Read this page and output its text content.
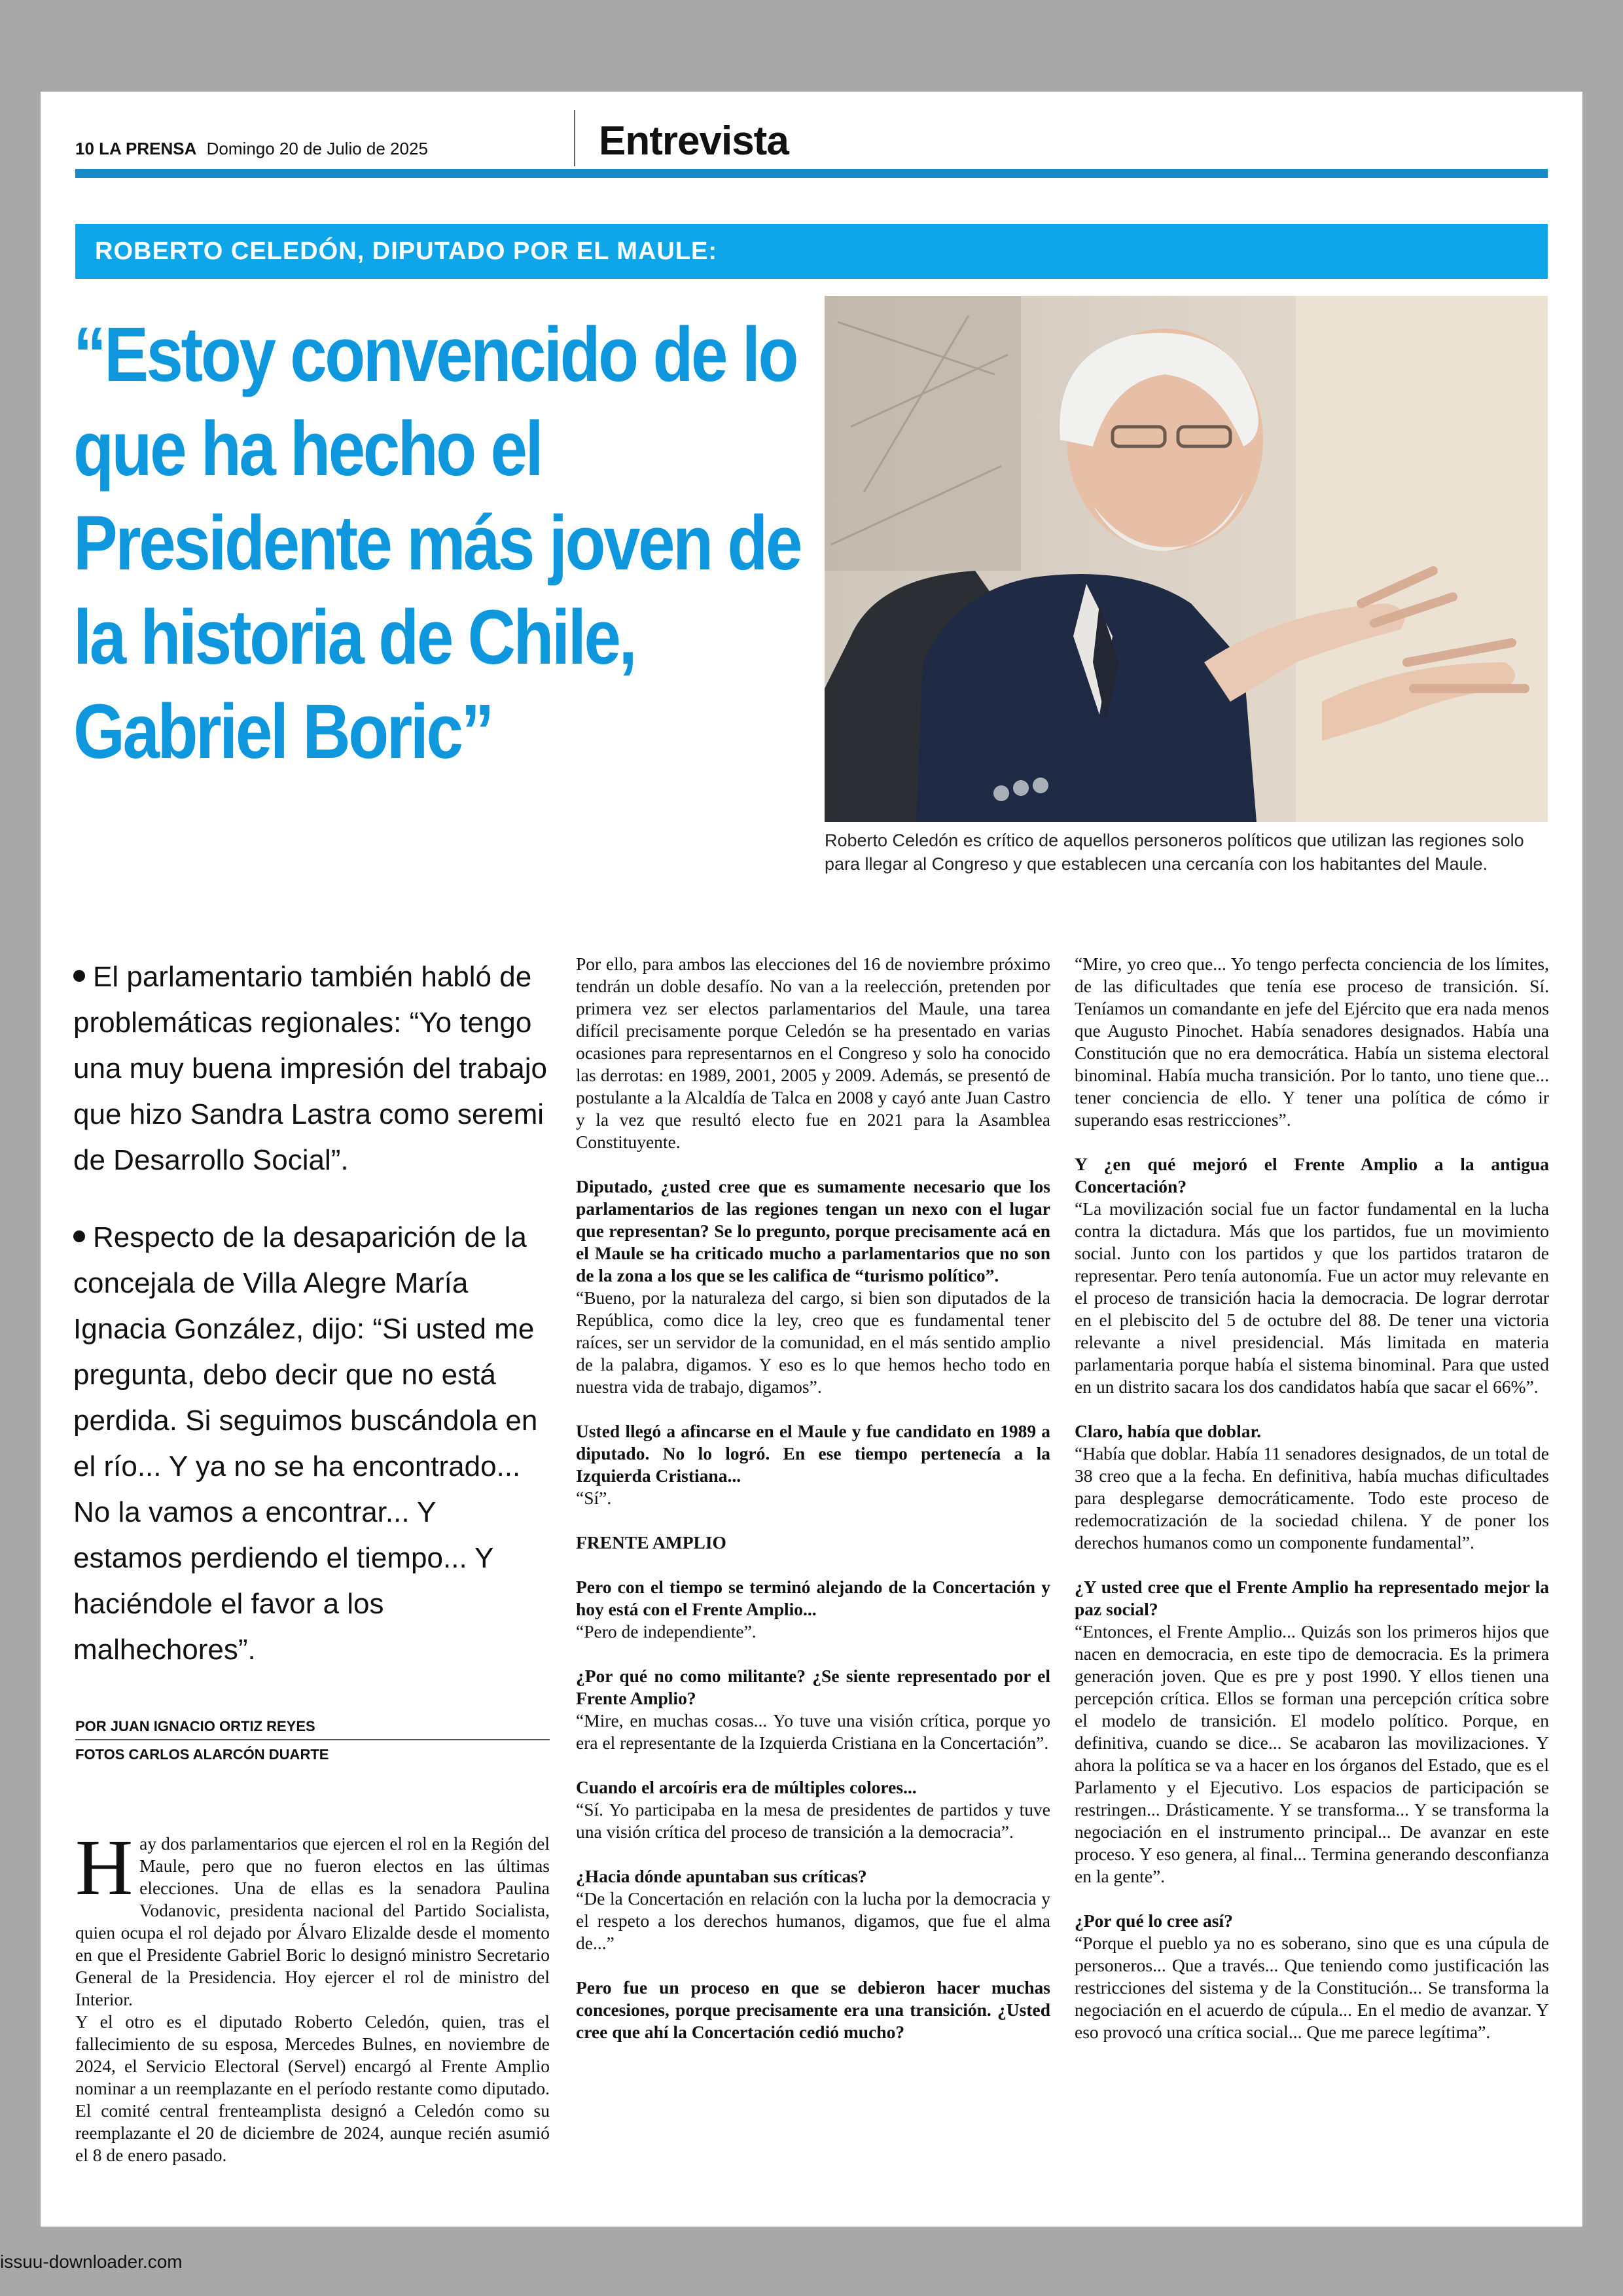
10 LA PRENSA Domingo 20 de Julio de 2025	Entrevista
ROBERTO CELEDÓN, DIPUTADO POR EL MAULE:
“Estoy convencido de lo que ha hecho el Presidente más joven de la historia de Chile, Gabriel Boric”
Roberto Celedón es crítico de aquellos personeros políticos que utilizan las regiones solo para llegar al Congreso y que establecen una cercanía con los habitantes del Maule.

El parlamentario también habló de problemáticas regionales: “Yo tengo una muy buena impresión del trabajo que hizo Sandra Lastra como seremi de Desarrollo Social”.

Respecto de la desaparición de la concejala de Villa Alegre María Ignacia González, dijo: “Si usted me pregunta, debo decir que no está perdida. Si seguimos buscándola en el río... Y ya no se ha encontrado... No la vamos a encontrar... Y estamos perdiendo el tiempo... Y haciéndole el favor a los malhechores”.

POR JUAN IGNACIO ORTIZ REYES
FOTOS CARLOS ALARCÓN DUARTE

Hay dos parlamentarios que ejercen el rol en la Región del Maule, pero que no fueron electos en las últimas elecciones. Una de ellas es la senadora Paulina Vodanovic, presidenta nacional del Partido Socialista, quien ocupa el rol dejado por Álvaro Elizalde desde el momento en que el Presidente Gabriel Boric lo designó ministro Secretario General de la Presidencia. Hoy ejercer el rol de ministro del Interior.

Y el otro es el diputado Roberto Celedón, quien, tras el fallecimiento de su esposa, Mercedes Bulnes, en noviembre de 2024, el Servicio Electoral (Servel) encargó al Frente Amplio nominar a un reemplazante en el período restante como diputado. El comité central frenteamplista designó a Celedón como su reemplazante el 20 de diciembre de 2024, aunque recién asumió el 8 de enero pasado.

Por ello, para ambos las elecciones del 16 de noviembre próximo tendrán un doble desafío. No van a la reelección, pretenden por primera vez ser electos parlamentarios del Maule, una tarea difícil precisamente porque Celedón se ha presentado en varias ocasiones para representarnos en el Congreso y solo ha conocido las derrotas: en 1989, 2001, 2005 y 2009. Además, se presentó de postulante a la Alcaldía de Talca en 2008 y cayó ante Juan Castro y la vez que resultó electo fue en 2021 para la Asamblea Constituyente.

Diputado, ¿usted cree que es sumamente necesario que los parlamentarios de las regiones tengan un nexo con el lugar que representan? Se lo pregunto, porque precisamente acá en el Maule se ha criticado mucho a parlamentarios que no son de la zona a los que se les califica de “turismo político”.

“Bueno, por la naturaleza del cargo, si bien son diputados de la República, como dice la ley, creo que es fundamental tener raíces, ser un servidor de la comunidad, en el más sentido amplio de la palabra, digamos. Y eso es lo que hemos hecho todo en nuestra vida de trabajo, digamos”.

Usted llegó a afincarse en el Maule y fue candidato en 1989 a diputado. No lo logró. En ese tiempo pertenecía a la Izquierda Cristiana...

“Sí”.

FRENTE AMPLIO

Pero con el tiempo se terminó alejando de la Concertación y hoy está con el Frente Amplio...

“Pero de independiente”.

¿Por qué no como militante? ¿Se siente representado por el Frente Amplio?

“Mire, en muchas cosas... Yo tuve una visión crítica, porque yo era el representante de la Izquierda Cristiana en la Concertación”.

Cuando el arcoíris era de múltiples colores...

“Sí. Yo participaba en la mesa de presidentes de partidos y tuve una visión crítica del proceso de transición a la democracia”.

¿Hacia dónde apuntaban sus críticas?

“De la Concertación en relación con la lucha por la democracia y el respeto a los derechos humanos, digamos, que fue el alma de...”

Pero fue un proceso en que se debieron hacer muchas concesiones, porque precisamente era una transición. ¿Usted cree que ahí la Concertación cedió mucho?

“Mire, yo creo que... Yo tengo perfecta conciencia de los límites, de las dificultades que tenía ese proceso de transición. Sí. Teníamos un comandante en jefe del Ejército que era nada menos que Augusto Pinochet. Había senadores designados. Había una Constitución que no era democrática. Había un sistema electoral binominal. Había mucha transición. Por lo tanto, uno tiene que... tener conciencia de ello. Y tener una política de cómo ir superando esas restricciones”.

Y ¿en qué mejoró el Frente Amplio a la antigua Concertación?

“La movilización social fue un factor fundamental en la lucha contra la dictadura. Más que los partidos, fue un movimiento social. Junto con los partidos y que los partidos trataron de representar. Pero tenía autonomía. Fue un actor muy relevante en el proceso de transición hacia la democracia. De lograr derrotar en el plebiscito del 5 de octubre del 88. De tener una victoria relevante a nivel presidencial. Más limitada en materia parlamentaria porque había el sistema binominal. Para que usted en un distrito sacara los dos candidatos había que sacar el 66%”.

Claro, había que doblar.

“Había que doblar. Había 11 senadores designados, de un total de 38 creo que a la fecha. En definitiva, había muchas dificultades para desplegarse democráticamente. Todo este proceso de redemocratización de la sociedad chilena. Y de poner los derechos humanos como un componente fundamental”.

¿Y usted cree que el Frente Amplio ha representado mejor la paz social?

“Entonces, el Frente Amplio... Quizás son los primeros hijos que nacen en democracia, en este tipo de democracia. Es la primera generación joven. Que es pre y post 1990. Y ellos tienen una percepción crítica. Ellos se forman una percepción crítica sobre el modelo de transición. El modelo político. Porque, en definitiva, cuando se dice... Se acabaron las movilizaciones. Y ahora la política se va a hacer en los órganos del Estado, que es el Parlamento y el Ejecutivo. Los espacios de participación se restringen... Drásticamente. Y se transforma... Y se transforma la negociación en el instrumento principal... De avanzar en este proceso. Y eso genera, al final... Termina generando desconfianza en la gente”.

¿Por qué lo cree así?

“Porque el pueblo ya no es soberano, sino que es una cúpula de personeros... Que a través... Que teniendo como justificación las restricciones del sistema y de la Constitución... Se transforma la negociación en el acuerdo de cúpula... En el medio de avanzar. Y eso provocó una crítica social... Que me parece legítima”.

issuu-downloader.com
